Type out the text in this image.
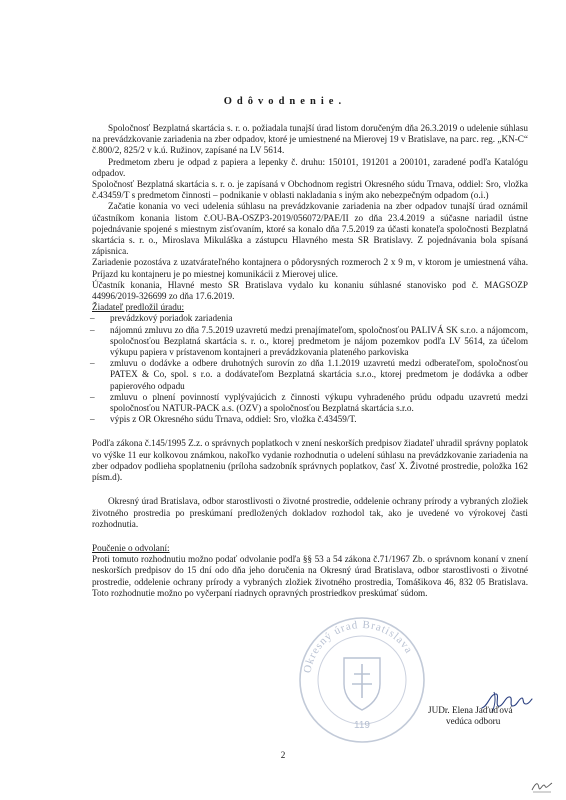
O d ô v o d n e n i e .

Spoločnosť Bezplatná skartácia s. r. o. požiadala tunajší úrad listom doručeným dňa 26.3.2019 o udelenie súhlasu na prevádzkovanie zariadenia na zber odpadov, ktoré je umiestnené na Mierovej 19 v Bratislave, na parc. reg. „KN-C“ č.800/2, 825/2 v k.ú. Ružinov, zapísané na LV 5614.

Predmetom zberu je odpad z papiera a lepenky č. druhu: 150101, 191201 a 200101, zaradené podľa Katalógu odpadov.

Spoločnosť Bezplatná skartácia s. r. o. je zapísaná v Obchodnom registri Okresného súdu Trnava, oddiel: Sro, vložka č.43459/T s predmetom činnosti – podnikanie v oblasti nakladania s iným ako nebezpečným odpadom (o.i.)

Začatie konania vo veci udelenia súhlasu na prevádzkovanie zariadenia na zber odpadov tunajší úrad oznámil účastníkom konania listom č.OU-BA-OSZP3-2019/056072/PAE/II zo dňa 23.4.2019 a súčasne nariadil ústne pojednávanie spojené s miestnym zisťovaním, ktoré sa konalo dňa 7.5.2019 za účasti konateľa spoločnosti Bezplatná skartácia s. r. o., Miroslava Mikuláška a zástupcu Hlavného mesta SR Bratislavy. Z pojednávania bola spísaná zápisnica.

Zariadenie pozostáva z uzatvárateľného kontajnera o pôdorysných rozmeroch 2 x 9 m, v ktorom je umiestnená váha. Príjazd ku kontajneru je po miestnej komunikácii z Mierovej ulice.

Účastník konania, Hlavné mesto SR Bratislava vydalo ku konaniu súhlasné stanovisko pod č. MAGSOZP 44996/2019-326699 zo dňa 17.6.2019.

Žiadateľ predložil úradu:

– prevádzkový poriadok zariadenia
– nájomnú zmluvu zo dňa 7.5.2019 uzavretú medzi prenajímateľom, spoločnosťou PALIVÁ SK s.r.o. a nájomcom, spoločnosťou Bezplatná skartácia s. r. o., ktorej predmetom je nájom pozemkov podľa LV 5614, za účelom výkupu papiera v prístavenom kontajneri a prevádzkovania plateného parkoviska
– zmluvu o dodávke a odbere druhotných surovín zo dňa 1.1.2019 uzavretú medzi odberateľom, spoločnosťou PATEX & Co, spol. s r.o. a dodávateľom Bezplatná skartácia s.r.o., ktorej predmetom je dodávka a odber papierového odpadu
– zmluvu o plnení povinností vyplývajúcich z činnosti výkupu vyhradeného prúdu odpadu uzavretú medzi spoločnosťou NATUR-PACK a.s. (OZV) a spoločnosťou Bezplatná skartácia s.r.o.
– výpis z OR Okresného súdu Trnava, oddiel: Sro, vložka č.43459/T.

Podľa zákona č.145/1995 Z.z. o správnych poplatkoch v znení neskorších predpisov žiadateľ uhradil správny poplatok vo výške 11 eur kolkovou známkou, nakoľko vydanie rozhodnutia o udelení súhlasu na prevádzkovanie zariadenia na zber odpadov podlieha spoplatneniu (príloha sadzobník správnych poplatkov, časť X. Životné prostredie, položka 162 písm.d).

Okresný úrad Bratislava, odbor starostlivosti o životné prostredie, oddelenie ochrany prírody a vybraných zložiek životného prostredia po preskúmaní predložených dokladov rozhodol tak, ako je uvedené vo výrokovej časti rozhodnutia.

Poučenie o odvolaní:

Proti tomuto rozhodnutiu možno podať odvolanie podľa §§ 53 a 54 zákona č.71/1967 Zb. o správnom konaní v znení neskorších predpisov do 15 dní odo dňa jeho doručenia na Okresný úrad Bratislava, odbor starostlivosti o životné prostredie, oddelenie ochrany prírody a vybraných zložiek životného prostredia, Tomášikova 46, 832 05 Bratislava. Toto rozhodnutie možno po vyčerpaní riadnych opravných prostriedkov preskúmať súdom.

Okresný úrad Bratislava
119
JUDr. Elena Jaďuďová
vedúca odboru
2
